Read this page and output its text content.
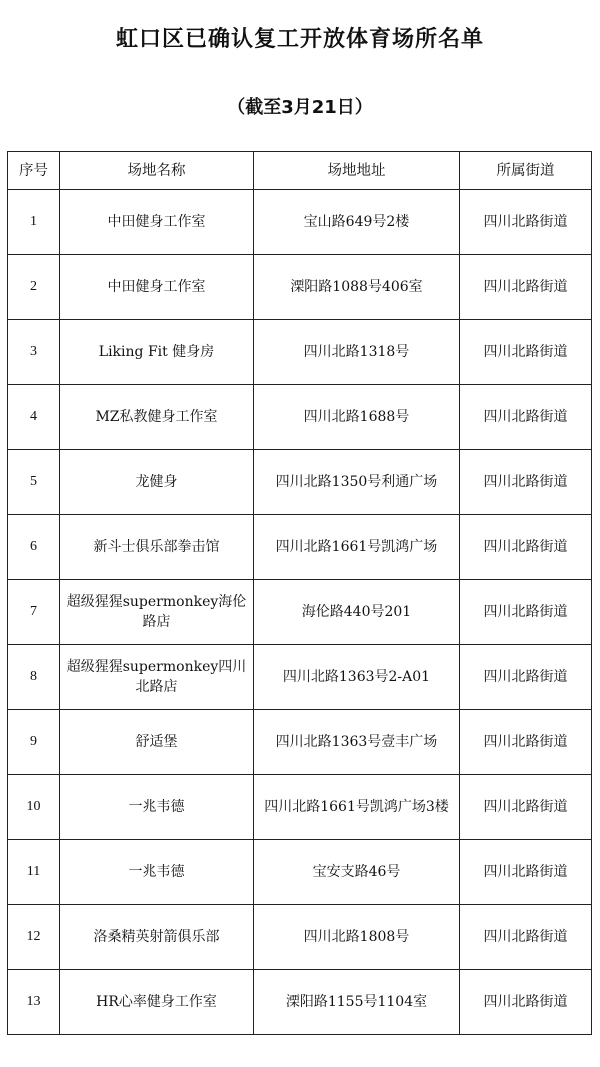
虹口区已确认复工开放体育场所名单
（截至3月21日）
序号	场地名称	场地地址	所属街道
1	中田健身工作室	宝山路649号2楼	四川北路街道
2	中田健身工作室	溧阳路1088号406室	四川北路街道
3	Liking Fit 健身房	四川北路1318号	四川北路街道
4	MZ私教健身工作室	四川北路1688号	四川北路街道
5	龙健身	四川北路1350号利通广场	四川北路街道
6	新斗士俱乐部拳击馆	四川北路1661号凯鸿广场	四川北路街道
7	超级猩猩supermonkey海伦路店	海伦路440号201	四川北路街道
8	超级猩猩supermonkey四川北路店	四川北路1363号2-A01	四川北路街道
9	舒适堡	四川北路1363号壹丰广场	四川北路街道
10	一兆韦德	四川北路1661号凯鸿广场3楼	四川北路街道
11	一兆韦德	宝安支路46号	四川北路街道
12	洛桑精英射箭俱乐部	四川北路1808号	四川北路街道
13	HR心率健身工作室	溧阳路1155号1104室	四川北路街道
